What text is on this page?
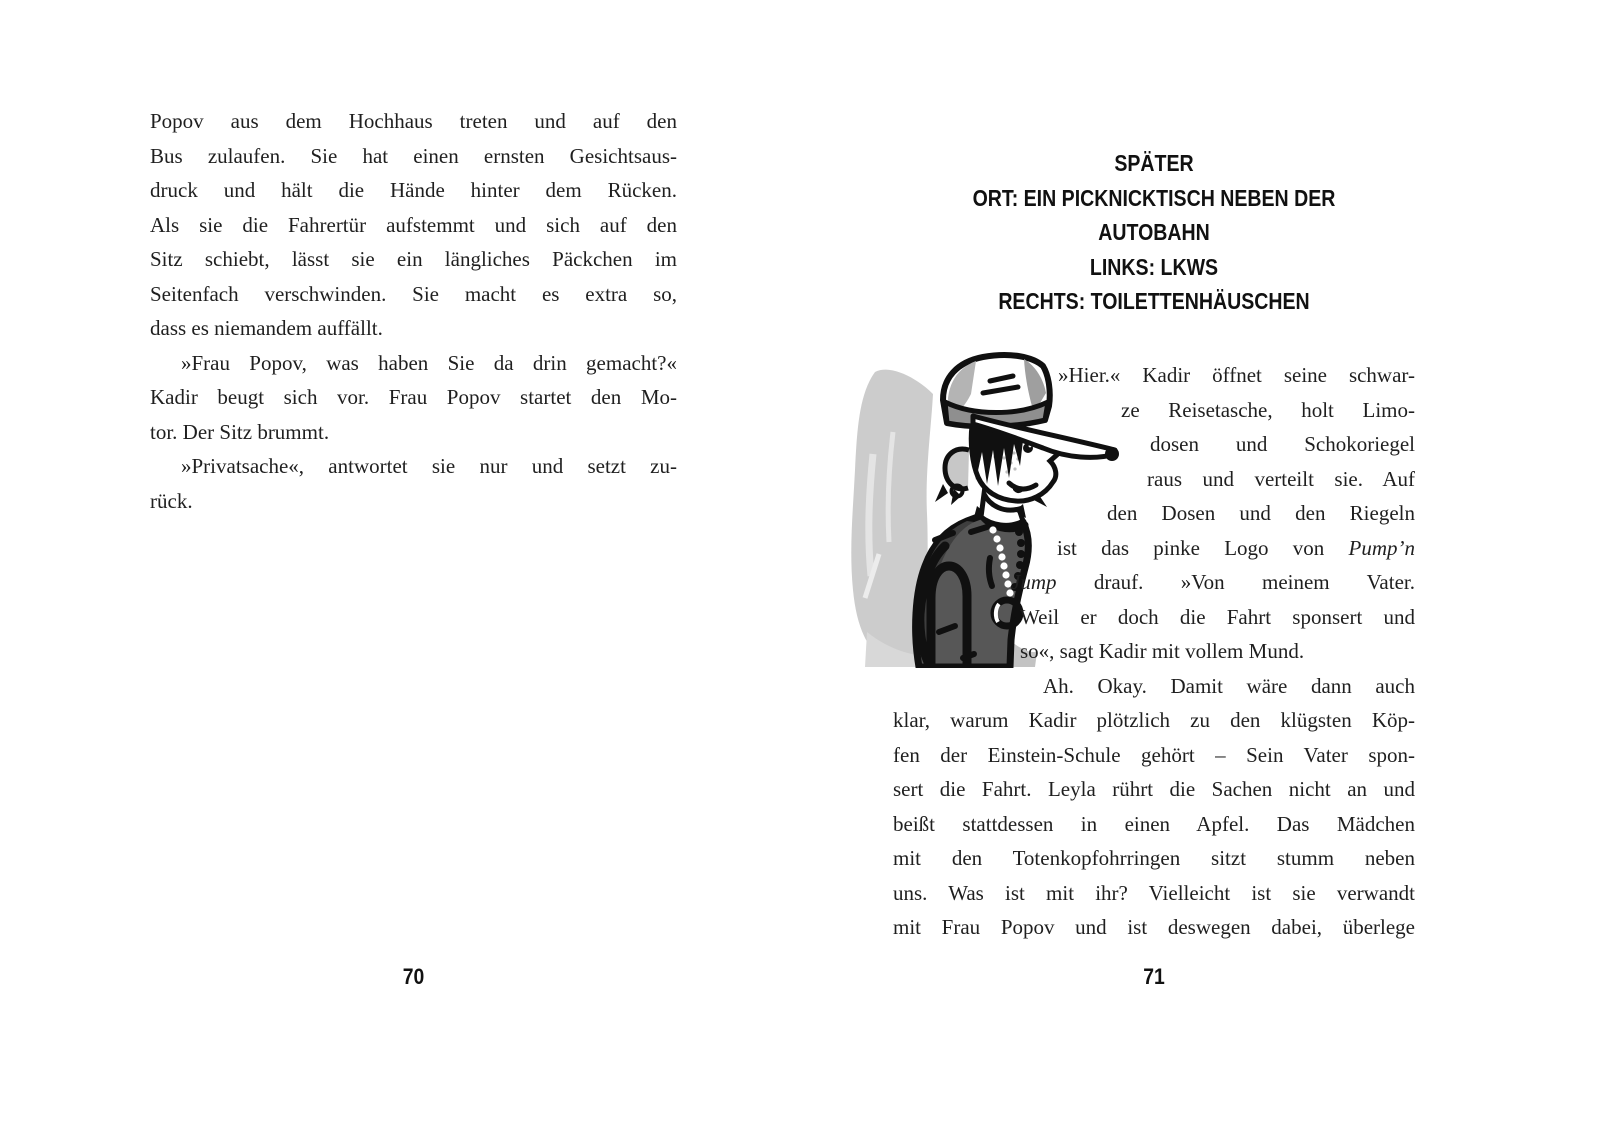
Popov aus dem Hochhaus treten und auf den
Bus zulaufen. Sie hat einen ernsten Gesichtsaus-
druck und hält die Hände hinter dem Rücken.
Als sie die Fahrertür aufstemmt und sich auf den
Sitz schiebt, lässt sie ein längliches Päckchen im
Seitenfach verschwinden. Sie macht es extra so,
dass es niemandem auffällt.
»Frau Popov, was haben Sie da drin gemacht?«
Kadir beugt sich vor. Frau Popov startet den Mo-
tor. Der Sitz brummt.
»Privatsache«, antwortet sie nur und setzt zu-
rück.
70
SPÄTER
ORT: EIN PICKNICKTISCH NEBEN DER AUTOBAHN
LINKS: LKWS
RECHTS: TOILETTENHÄUSCHEN
»Hier.« Kadir öffnet seine schwar-
ze Reisetasche, holt Limo-
dosen und Schokoriegel
raus und verteilt sie. Auf
den Dosen und den Riegeln
ist das pinke Logo von Pump’n
Jump drauf. »Von meinem Vater.
Weil er doch die Fahrt sponsert und
so«, sagt Kadir mit vollem Mund.
Ah. Okay. Damit wäre dann auch
klar, warum Kadir plötzlich zu den klügsten Köp-
fen der Einstein-Schule gehört – Sein Vater spon-
sert die Fahrt. Leyla rührt die Sachen nicht an und
beißt stattdessen in einen Apfel. Das Mädchen
mit den Totenkopfohrringen sitzt stumm neben
uns. Was ist mit ihr? Vielleicht ist sie verwandt
mit Frau Popov und ist deswegen dabei, überlege
71
